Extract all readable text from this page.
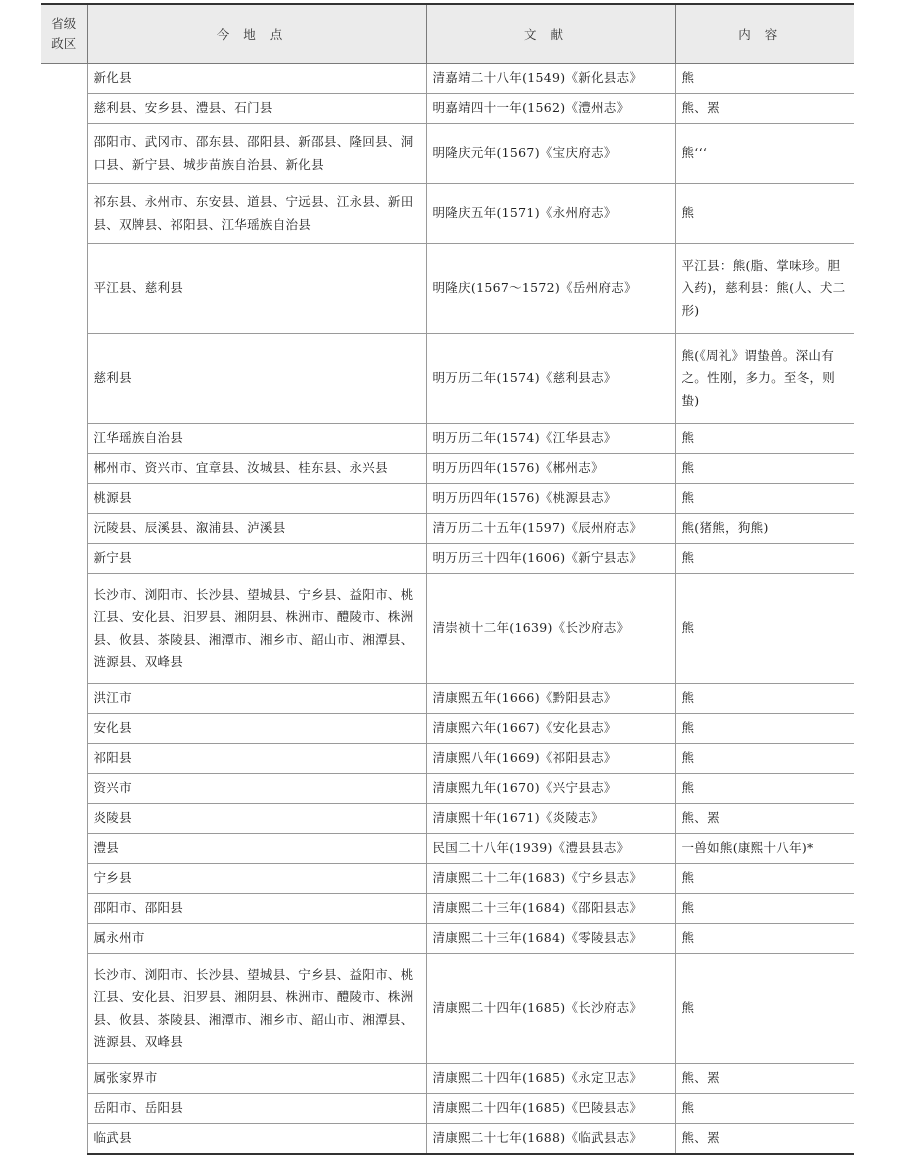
省级
政区	今地点	文献	内容
	新化县	清嘉靖二十八年(1549)《新化县志》	熊
	慈利县、安乡县、澧县、石门县	明嘉靖四十一年(1562)《澧州志》	熊、罴
	邵阳市、武冈市、邵东县、邵阳县、新邵县、隆回县、洞口县、新宁县、城步苗族自治县、新化县	明隆庆元年(1567)《宝庆府志》	熊‘‘‘
	祁东县、永州市、东安县、道县、宁远县、江永县、新田县、双牌县、祁阳县、江华瑶族自治县	明隆庆五年(1571)《永州府志》	熊
	平江县、慈利县	明隆庆(1567～1572)《岳州府志》	平江县：熊(脂、掌味珍。胆入药)，慈利县：熊(人、犬二形)
	慈利县	明万历二年(1574)《慈利县志》	熊(《周礼》谓蛰兽。深山有之。性刚，多力。至冬，则蛰)
	江华瑶族自治县	明万历二年(1574)《江华县志》	熊
	郴州市、资兴市、宜章县、汝城县、桂东县、永兴县	明万历四年(1576)《郴州志》	熊
	桃源县	明万历四年(1576)《桃源县志》	熊
	沅陵县、辰溪县、溆浦县、泸溪县	清万历二十五年(1597)《辰州府志》	熊(猪熊，狗熊)
	新宁县	明万历三十四年(1606)《新宁县志》	熊
	长沙市、浏阳市、长沙县、望城县、宁乡县、益阳市、桃江县、安化县、汨罗县、湘阴县、株洲市、醴陵市、株洲县、攸县、茶陵县、湘潭市、湘乡市、韶山市、湘潭县、涟源县、双峰县	清崇祯十二年(1639)《长沙府志》	熊
	洪江市	清康熙五年(1666)《黔阳县志》	熊
	安化县	清康熙六年(1667)《安化县志》	熊
	祁阳县	清康熙八年(1669)《祁阳县志》	熊
	资兴市	清康熙九年(1670)《兴宁县志》	熊
	炎陵县	清康熙十年(1671)《炎陵志》	熊、罴
	澧县	民国二十八年(1939)《澧县县志》	一兽如熊(康熙十八年)*
	宁乡县	清康熙二十二年(1683)《宁乡县志》	熊
	邵阳市、邵阳县	清康熙二十三年(1684)《邵阳县志》	熊
	属永州市	清康熙二十三年(1684)《零陵县志》	熊
	长沙市、浏阳市、长沙县、望城县、宁乡县、益阳市、桃江县、安化县、汨罗县、湘阴县、株洲市、醴陵市、株洲县、攸县、茶陵县、湘潭市、湘乡市、韶山市、湘潭县、涟源县、双峰县	清康熙二十四年(1685)《长沙府志》	熊
	属张家界市	清康熙二十四年(1685)《永定卫志》	熊、罴
	岳阳市、岳阳县	清康熙二十四年(1685)《巴陵县志》	熊
	临武县	清康熙二十七年(1688)《临武县志》	熊、罴
